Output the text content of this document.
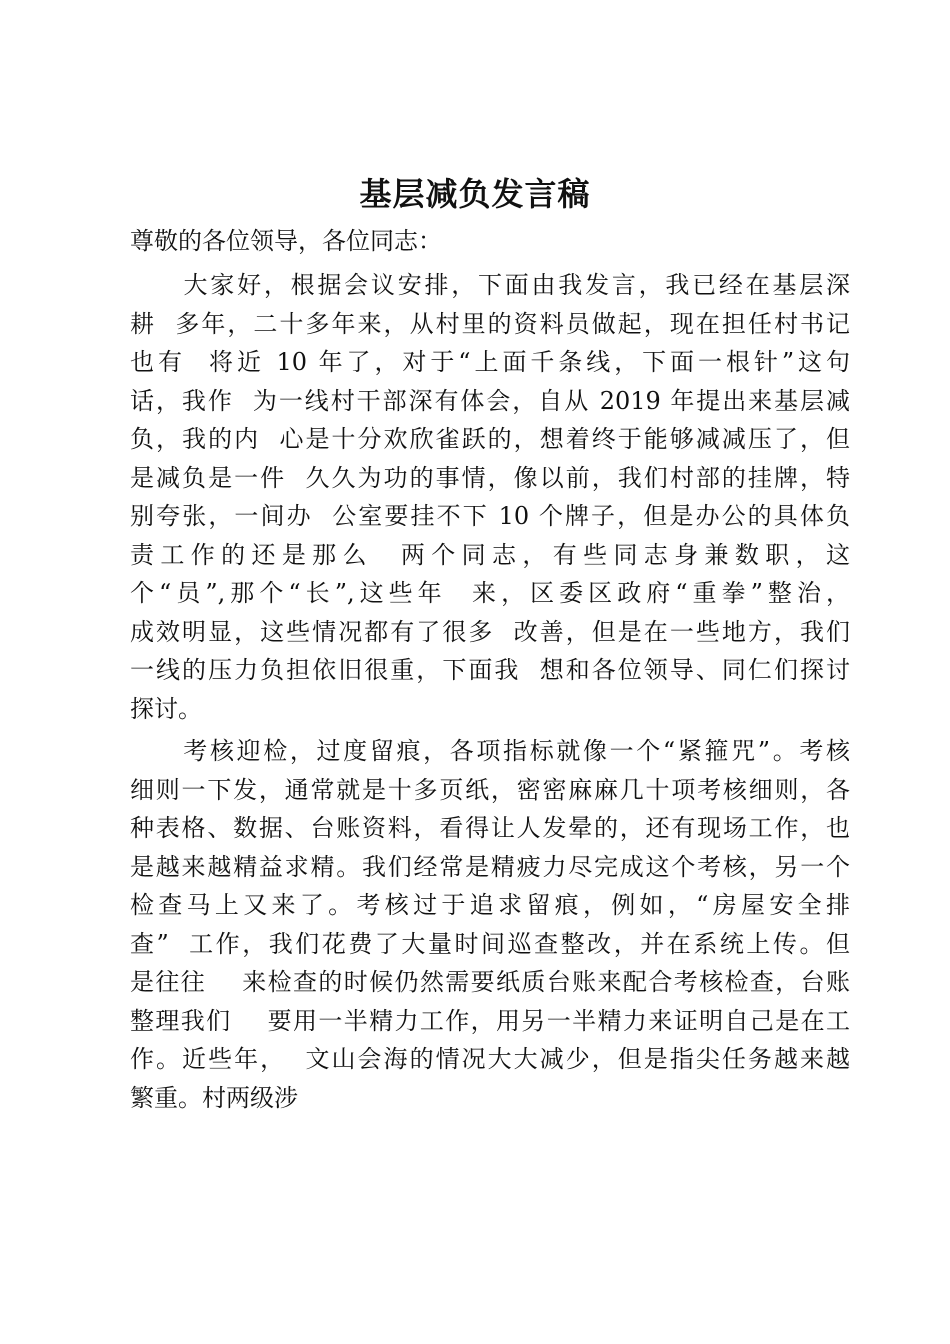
基层减负发言稿
尊敬的各位领导，各位同志：
　　大家好，根据会议安排，下面由我发言，我已经在基层深
耕  多年，二十多年来，从村里的资料员做起，现在担任村书记
也有  将近 10 年了，对于“上面千条线，下面一根针”这句
话，我作  为一线村干部深有体会，自从 2019 年提出来基层减
负，我的内  心是十分欢欣雀跃的，想着终于能够减减压了，但
是减负是一件  久久为功的事情，像以前，我们村部的挂牌，特
别夸张，一间办  公室要挂不下 10 个牌子，但是办公的具体负
责工作的还是那么  两个同志，有些同志身兼数职，这
个“员”,那个“长”,这些年  来，区委区政府“重拳”整治，
成效明显，这些情况都有了很多  改善，但是在一些地方，我们
一线的压力负担依旧很重，下面我  想和各位领导、同仁们探讨
探讨。
　　考核迎检，过度留痕，各项指标就像一个“紧箍咒”。考核
细则一下发，通常就是十多页纸，密密麻麻几十项考核细则，各
种表格、数据、台账资料，看得让人发晕的，还有现场工作，也
是越来越精益求精。我们经常是精疲力尽完成这个考核，另一个
检查马上又来了。考核过于追求留痕，例如，“房屋安全排
查”  工作，我们花费了大量时间巡查整改，并在系统上传。但
是往往    来检查的时候仍然需要纸质台账来配合考核检查，台账
整理我们    要用一半精力工作，用另一半精力来证明自己是在工
作。近些年，  文山会海的情况大大减少，但是指尖任务越来越
繁重。村两级涉
